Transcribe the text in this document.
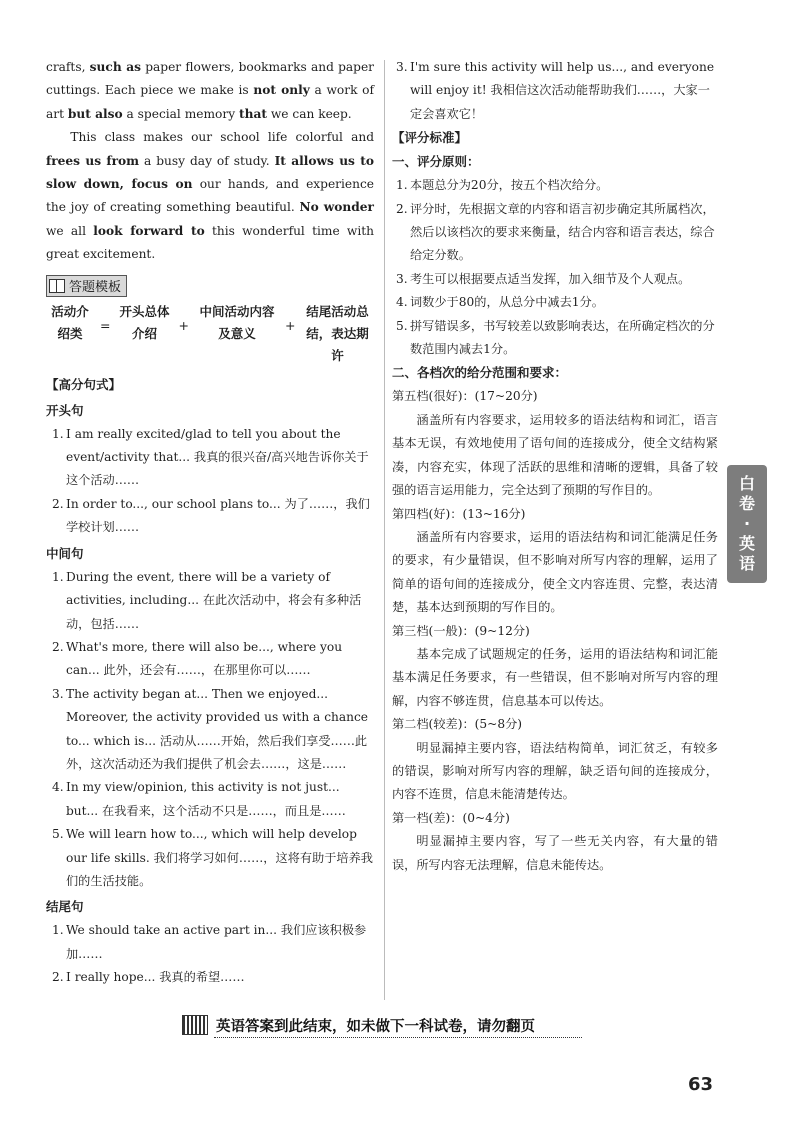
crafts, such as paper flowers, bookmarks and paper cuttings. Each piece we make is not only a work of art but also a special memory that we can keep.

This class makes our school life colorful and frees us from a busy day of study. It allows us to slow down, focus on our hands, and experience the joy of creating something beautiful. No wonder we all look forward to this wonderful time with great excitement.

答题模板
活动介绍类
=
开头总体介绍
+
中间活动内容及意义
+
结尾活动总结，表达期许
【高分句式】
开头句

1. I am really excited/glad to tell you about the event/activity that... 我真的很兴奋/高兴地告诉你关于这个活动……

2. In order to..., our school plans to... 为了……，我们学校计划……

中间句

1. During the event, there will be a variety of activities, including... 在此次活动中，将会有多种活动，包括……

2. What's more, there will also be..., where you can... 此外，还会有……，在那里你可以……

3. The activity began at... Then we enjoyed... Moreover, the activity provided us with a chance to... which is... 活动从……开始，然后我们享受……此外，这次活动还为我们提供了机会去……，这是……

4. In my view/opinion, this activity is not just... but... 在我看来，这个活动不只是……，而且是……

5. We will learn how to..., which will help develop our life skills. 我们将学习如何……，这将有助于培养我们的生活技能。

结尾句

1. We should take an active part in... 我们应该积极参加……

2. I really hope... 我真的希望……

3. I'm sure this activity will help us..., and everyone will enjoy it! 我相信这次活动能帮助我们……，大家一定会喜欢它！

【评分标准】
一、评分原则：

1. 本题总分为20分，按五个档次给分。

2. 评分时，先根据文章的内容和语言初步确定其所属档次，然后以该档次的要求来衡量，结合内容和语言表达，综合给定分数。

3. 考生可以根据要点适当发挥，加入细节及个人观点。

4. 词数少于80的，从总分中减去1分。

5. 拼写错误多，书写较差以致影响表达，在所确定档次的分数范围内减去1分。

二、各档次的给分范围和要求：

第五档(很好)：(17~20分)

涵盖所有内容要求，运用较多的语法结构和词汇，语言基本无误，有效地使用了语句间的连接成分，使全文结构紧凑，内容充实，体现了活跃的思维和清晰的逻辑，具备了较强的语言运用能力，完全达到了预期的写作目的。

第四档(好)：(13~16分)

涵盖所有内容要求，运用的语法结构和词汇能满足任务的要求，有少量错误，但不影响对所写内容的理解，运用了简单的语句间的连接成分，使全文内容连贯、完整，表达清楚，基本达到预期的写作目的。

第三档(一般)：(9~12分)

基本完成了试题规定的任务，运用的语法结构和词汇能基本满足任务要求，有一些错误，但不影响对所写内容的理解，内容不够连贯，信息基本可以传达。

第二档(较差)：(5~8分)

明显漏掉主要内容，语法结构简单，词汇贫乏，有较多的错误，影响对所写内容的理解，缺乏语句间的连接成分，内容不连贯，信息未能清楚传达。

第一档(差)：(0~4分)

明显漏掉主要内容，写了一些无关内容，有大量的错误，所写内容无法理解，信息未能传达。

白
卷
·
英
语
英语答案到此结束，如未做下一科试卷，请勿翻页
63
